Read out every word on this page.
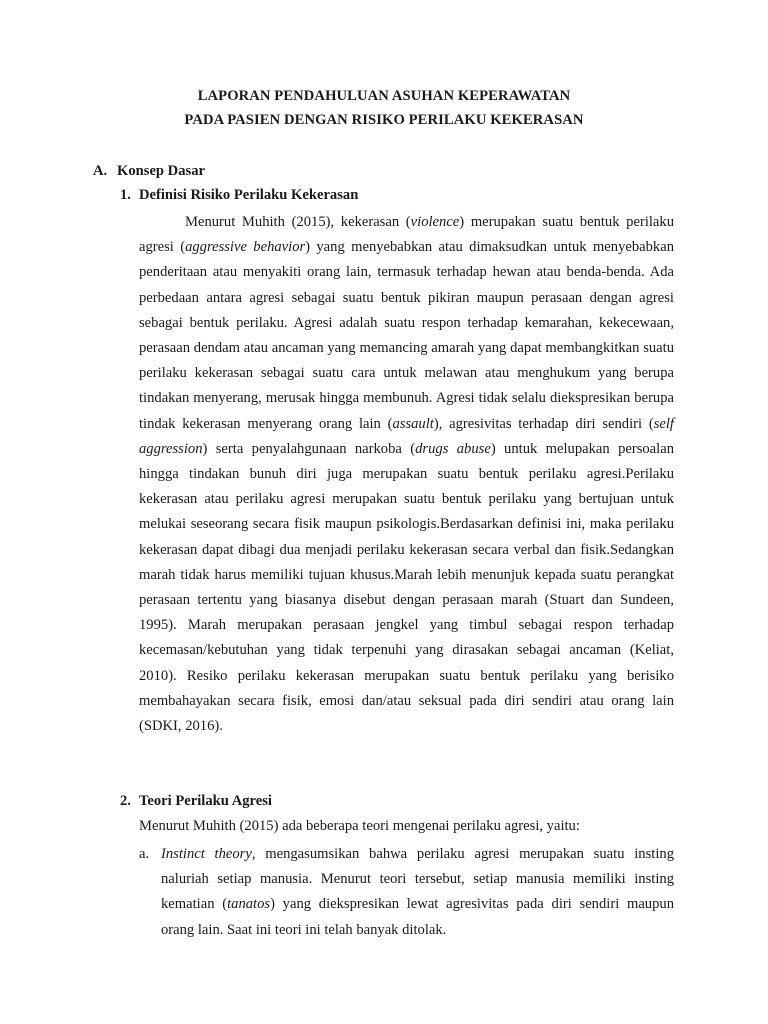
LAPORAN PENDAHULUAN ASUHAN KEPERAWATAN
PADA PASIEN DENGAN RISIKO PERILAKU KEKERASAN
A. Konsep Dasar
1. Definisi Risiko Perilaku Kekerasan
Menurut Muhith (2015), kekerasan (violence) merupakan suatu bentuk perilaku agresi (aggressive behavior) yang menyebabkan atau dimaksudkan untuk menyebabkan penderitaan atau menyakiti orang lain, termasuk terhadap hewan atau benda-benda. Ada perbedaan antara agresi sebagai suatu bentuk pikiran maupun perasaan dengan agresi sebagai bentuk perilaku. Agresi adalah suatu respon terhadap kemarahan, kekecewaan, perasaan dendam atau ancaman yang memancing amarah yang dapat membangkitkan suatu perilaku kekerasan sebagai suatu cara untuk melawan atau menghukum yang berupa tindakan menyerang, merusak hingga membunuh. Agresi tidak selalu diekspresikan berupa tindak kekerasan menyerang orang lain (assault), agresivitas terhadap diri sendiri (self aggression) serta penyalahgunaan narkoba (drugs abuse) untuk melupakan persoalan hingga tindakan bunuh diri juga merupakan suatu bentuk perilaku agresi.Perilaku kekerasan atau perilaku agresi merupakan suatu bentuk perilaku yang bertujuan untuk melukai seseorang secara fisik maupun psikologis.Berdasarkan definisi ini, maka perilaku kekerasan dapat dibagi dua menjadi perilaku kekerasan secara verbal dan fisik.Sedangkan marah tidak harus memiliki tujuan khusus.Marah lebih menunjuk kepada suatu perangkat perasaan tertentu yang biasanya disebut dengan perasaan marah (Stuart dan Sundeen, 1995). Marah merupakan perasaan jengkel yang timbul sebagai respon terhadap kecemasan/kebutuhan yang tidak terpenuhi yang dirasakan sebagai ancaman (Keliat, 2010). Resiko perilaku kekerasan merupakan suatu bentuk perilaku yang berisiko membahayakan secara fisik, emosi dan/atau seksual pada diri sendiri atau orang lain (SDKI, 2016).
2. Teori Perilaku Agresi
Menurut Muhith (2015) ada beberapa teori mengenai perilaku agresi, yaitu:
a. Instinct theory, mengasumsikan bahwa perilaku agresi merupakan suatu insting naluriah setiap manusia. Menurut teori tersebut, setiap manusia memiliki insting kematian (tanatos) yang diekspresikan lewat agresivitas pada diri sendiri maupun orang lain. Saat ini teori ini telah banyak ditolak.
